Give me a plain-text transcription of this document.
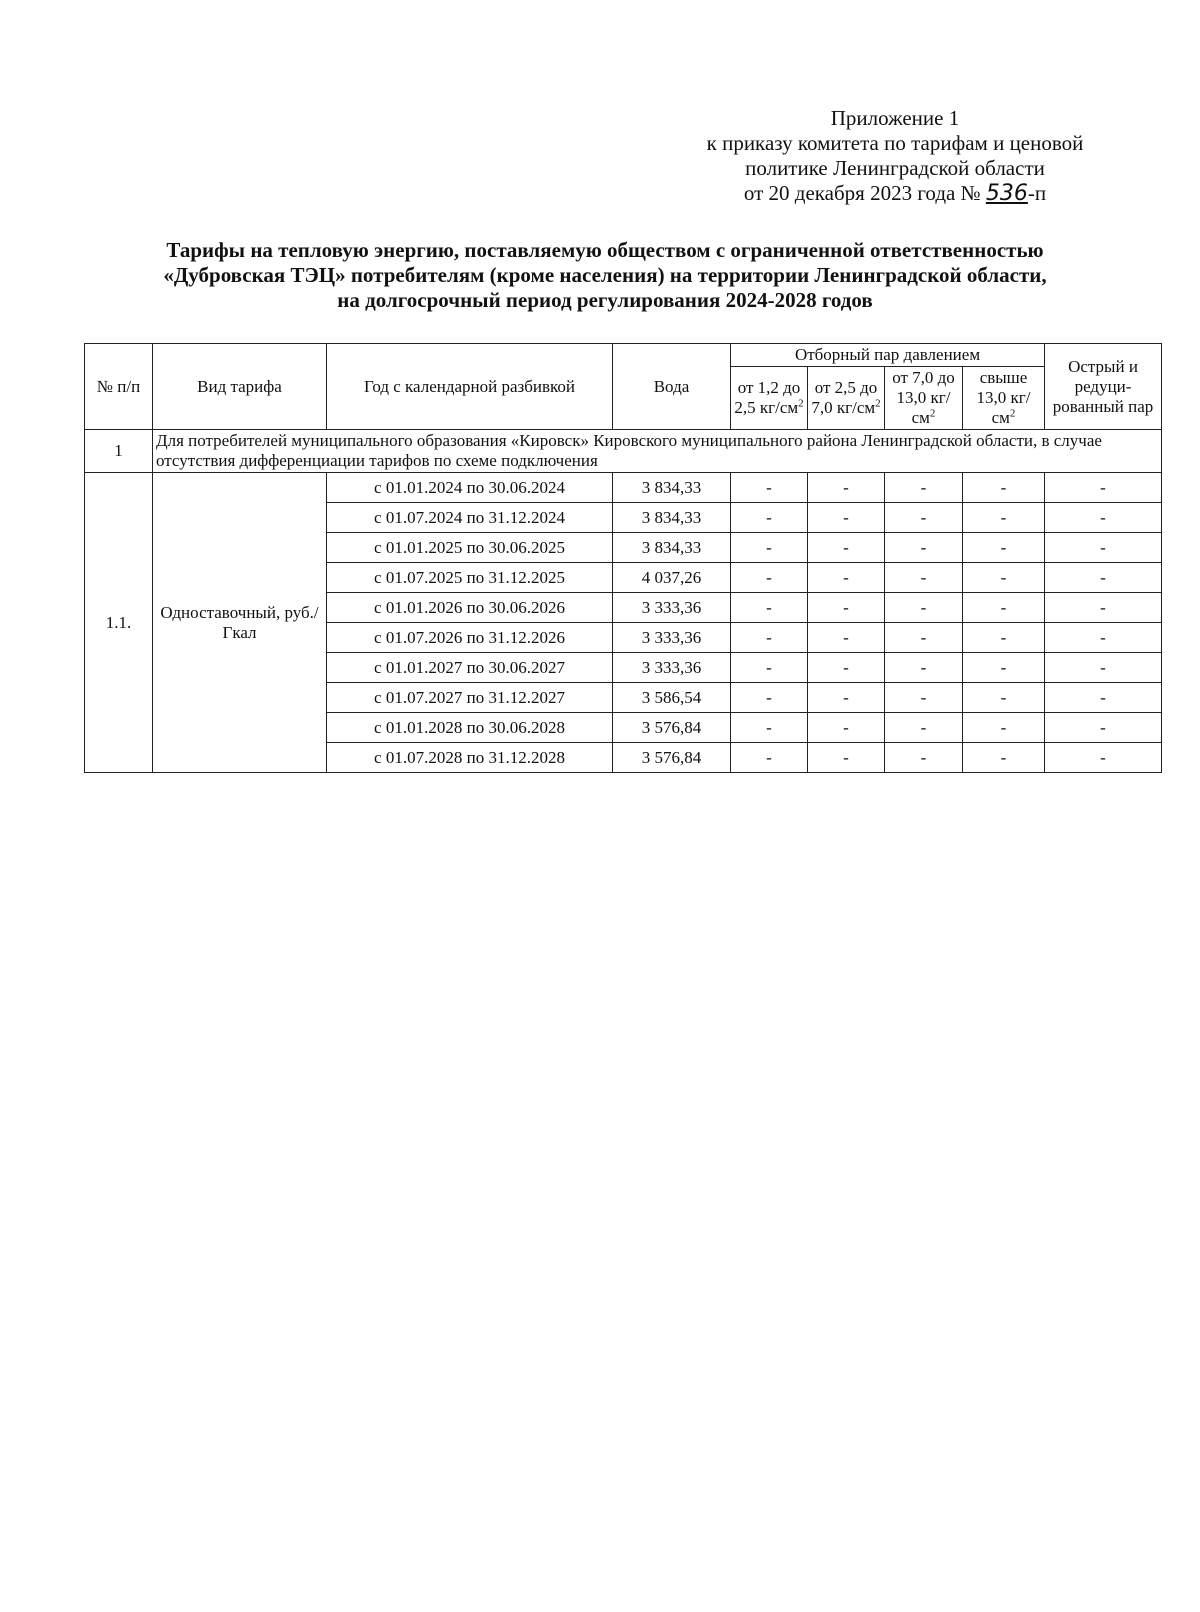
Приложение 1
к приказу комитета по тарифам и ценовой
политике Ленинградской области
от 20 декабря 2023 года № 536-п
Тарифы на тепловую энергию, поставляемую обществом с ограниченной ответственностью
«Дубровская ТЭЦ» потребителям (кроме населения) на территории Ленинградской области,
на долгосрочный период регулирования 2024-2028 годов
№ п/п	Вид тарифа	Год с календарной разбивкой	Вода	Отборный пар давлением				Острый и редуци-рованный пар
				от 1,2 до 2,5 $кг/см^2$	от 2,5 до 7,0 $кг/см^2$	от 7,0 до 13,0 $кг/см^2$	свыше 13,0 $кг/см^2$
1	Для потребителей муниципального образования «Кировск» Кировского муниципального района Ленинградской области, в случае отсутствия дифференциации тарифов по схеме подключения							
1.1.	Одноставочный, руб./Гкал	с 01.01.2024 по 30.06.2024	3 834,33	-	-	-	-	-
		с 01.07.2024 по 31.12.2024	3 834,33	-	-	-	-	-
		с 01.01.2025 по 30.06.2025	3 834,33	-	-	-	-	-
		с 01.07.2025 по 31.12.2025	4 037,26	-	-	-	-	-
		с 01.01.2026 по 30.06.2026	3 333,36	-	-	-	-	-
		с 01.07.2026 по 31.12.2026	3 333,36	-	-	-	-	-
		с 01.01.2027 по 30.06.2027	3 333,36	-	-	-	-	-
		с 01.07.2027 по 31.12.2027	3 586,54	-	-	-	-	-
		с 01.01.2028 по 30.06.2028	3 576,84	-	-	-	-	-
		с 01.07.2028 по 31.12.2028	3 576,84	-	-	-	-	-
